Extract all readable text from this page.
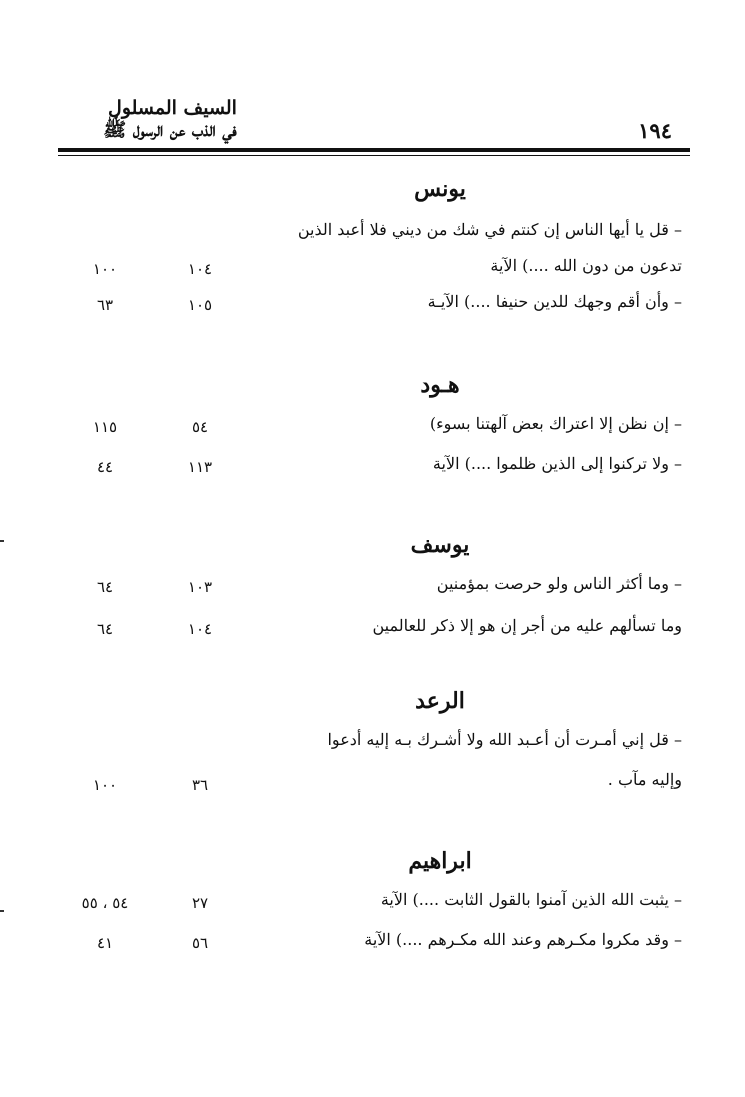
١٩٤
السيف المسلول
في الذب عن الرسول ﷺ
يونس
– قل يا أيها الناس إن كنتم في شك من ديني فلا أعبد الذين
تدعون من دون الله ....) الآية
١٠٤
١٠٠
– وأن أقم وجهك للدين حنيفا ....) الآيـة
١٠٥
٦٣
هـود
– إن نظن إلا اعتراك بعض آلهتنا بسوء)
٥٤
١١٥
– ولا تركنوا إلى الذين ظلموا ....) الآية
١١٣
٤٤
يوسف
– وما أكثر الناس ولو حرصت بمؤمنين
١٠٣
٦٤
وما تسألهم عليه من أجر إن هو إلا ذكر للعالمين
١٠٤
٦٤
الرعد
– قل إني أمـرت أن أعـبد الله ولا أشـرك بـه إليه أدعوا
وإليه مآب .
٣٦
١٠٠
ابراهيم
– يثبت الله الذين آمنوا بالقول الثابت ....) الآية
٢٧
٥٤ ، ٥٥
– وقد مكروا مكـرهم وعند الله مكـرهم ....) الآية
٥٦
٤١
